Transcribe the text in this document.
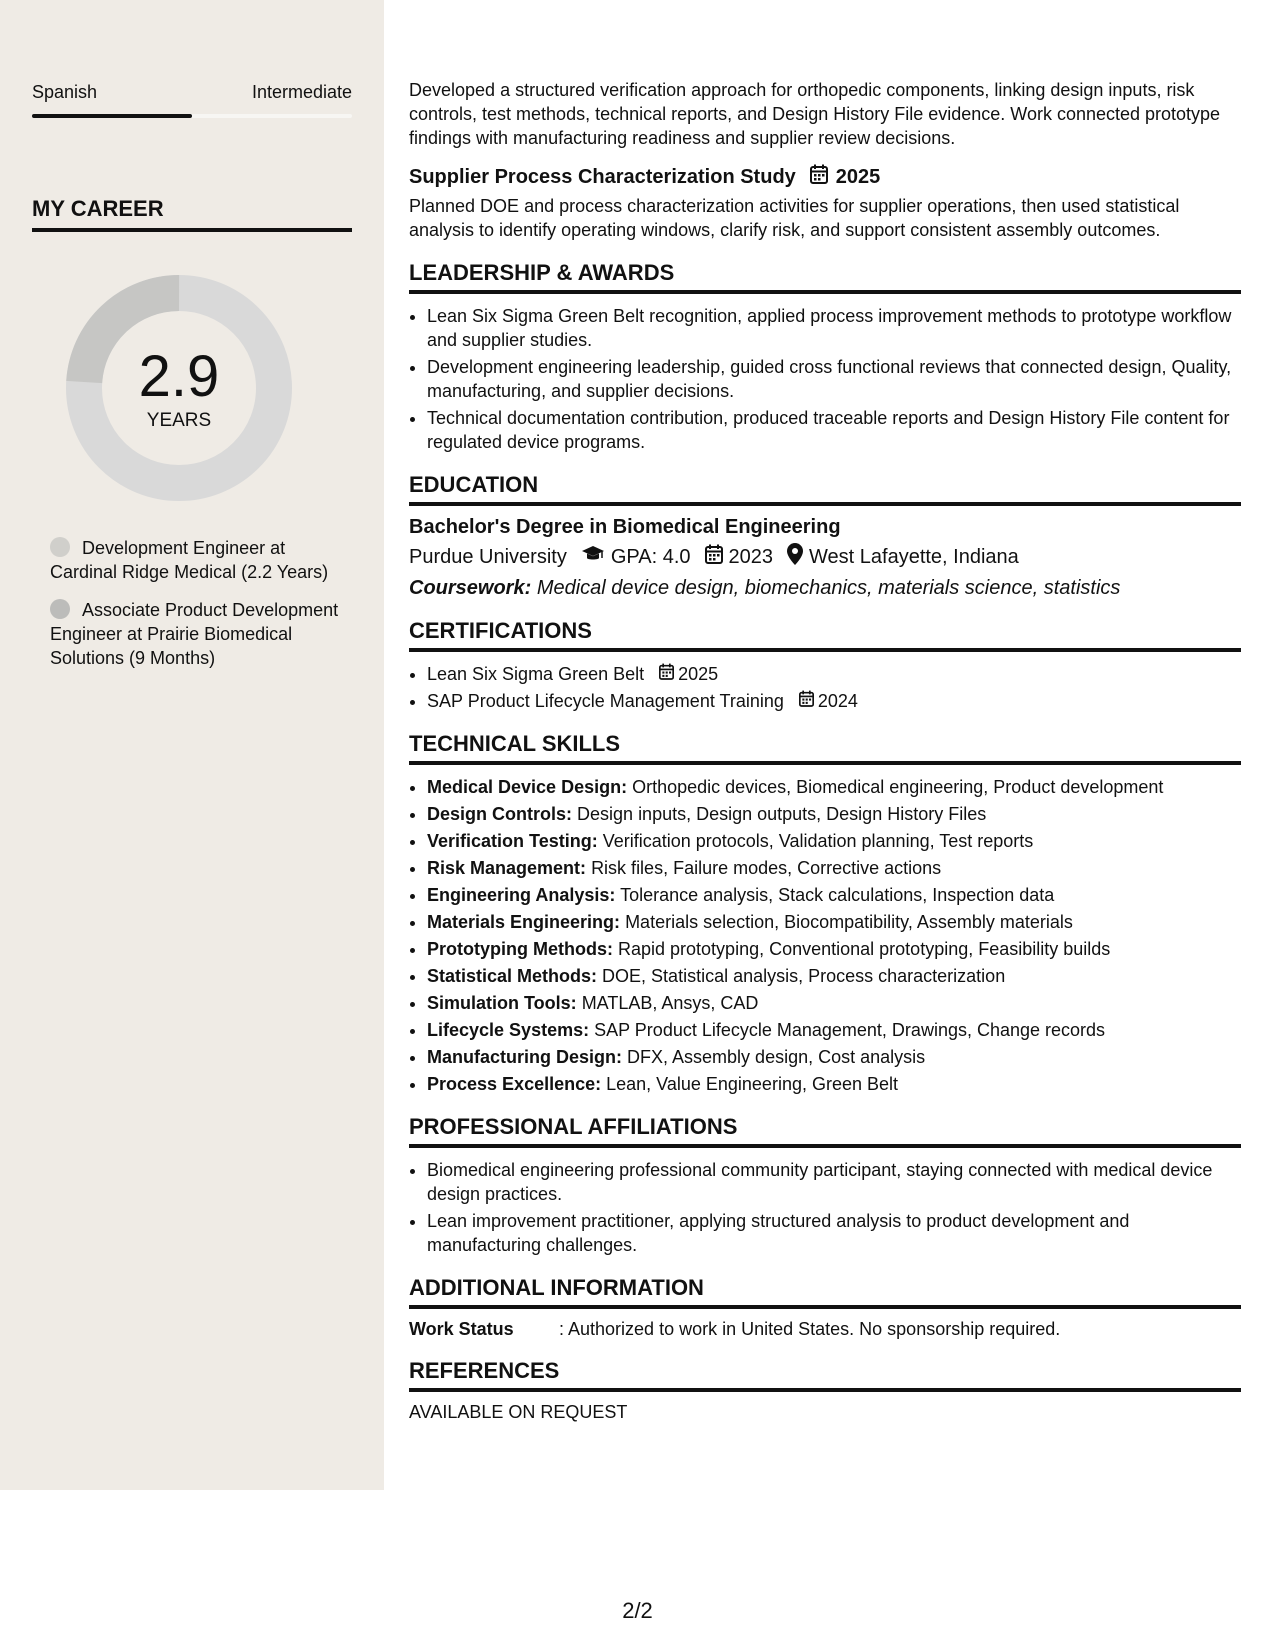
Spanish	Intermediate
MY CAREER
2.9
YEARS
Development Engineer at Cardinal Ridge Medical (2.2 Years)
Associate Product Development Engineer at Prairie Biomedical Solutions (9 Months)

Developed a structured verification approach for orthopedic components, linking design inputs, risk controls, test methods, technical reports, and Design History File evidence. Work connected prototype findings with manufacturing readiness and supplier review decisions.

Supplier Process Characterization Study 2025

Planned DOE and process characterization activities for supplier operations, then used statistical analysis to identify operating windows, clarify risk, and support consistent assembly outcomes.

LEADERSHIP & AWARDS
• Lean Six Sigma Green Belt recognition, applied process improvement methods to prototype workflow and supplier studies.
• Development engineering leadership, guided cross functional reviews that connected design, Quality, manufacturing, and supplier decisions.
• Technical documentation contribution, produced traceable reports and Design History File content for regulated device programs.
EDUCATION
Bachelor's Degree in Biomedical Engineering
Purdue University GPA: 4.0 2023 West Lafayette, Indiana
Coursework: Medical device design, biomechanics, materials science, statistics
CERTIFICATIONS
• Lean Six Sigma Green Belt 2025
• SAP Product Lifecycle Management Training 2024
TECHNICAL SKILLS
• Medical Device Design: Orthopedic devices, Biomedical engineering, Product development
• Design Controls: Design inputs, Design outputs, Design History Files
• Verification Testing: Verification protocols, Validation planning, Test reports
• Risk Management: Risk files, Failure modes, Corrective actions
• Engineering Analysis: Tolerance analysis, Stack calculations, Inspection data
• Materials Engineering: Materials selection, Biocompatibility, Assembly materials
• Prototyping Methods: Rapid prototyping, Conventional prototyping, Feasibility builds
• Statistical Methods: DOE, Statistical analysis, Process characterization
• Simulation Tools: MATLAB, Ansys, CAD
• Lifecycle Systems: SAP Product Lifecycle Management, Drawings, Change records
• Manufacturing Design: DFX, Assembly design, Cost analysis
• Process Excellence: Lean, Value Engineering, Green Belt
PROFESSIONAL AFFILIATIONS
• Biomedical engineering professional community participant, staying connected with medical device design practices.
• Lean improvement practitioner, applying structured analysis to product development and manufacturing challenges.
ADDITIONAL INFORMATION
Work Status	: Authorized to work in United States. No sponsorship required.
REFERENCES
AVAILABLE ON REQUEST
2/2
